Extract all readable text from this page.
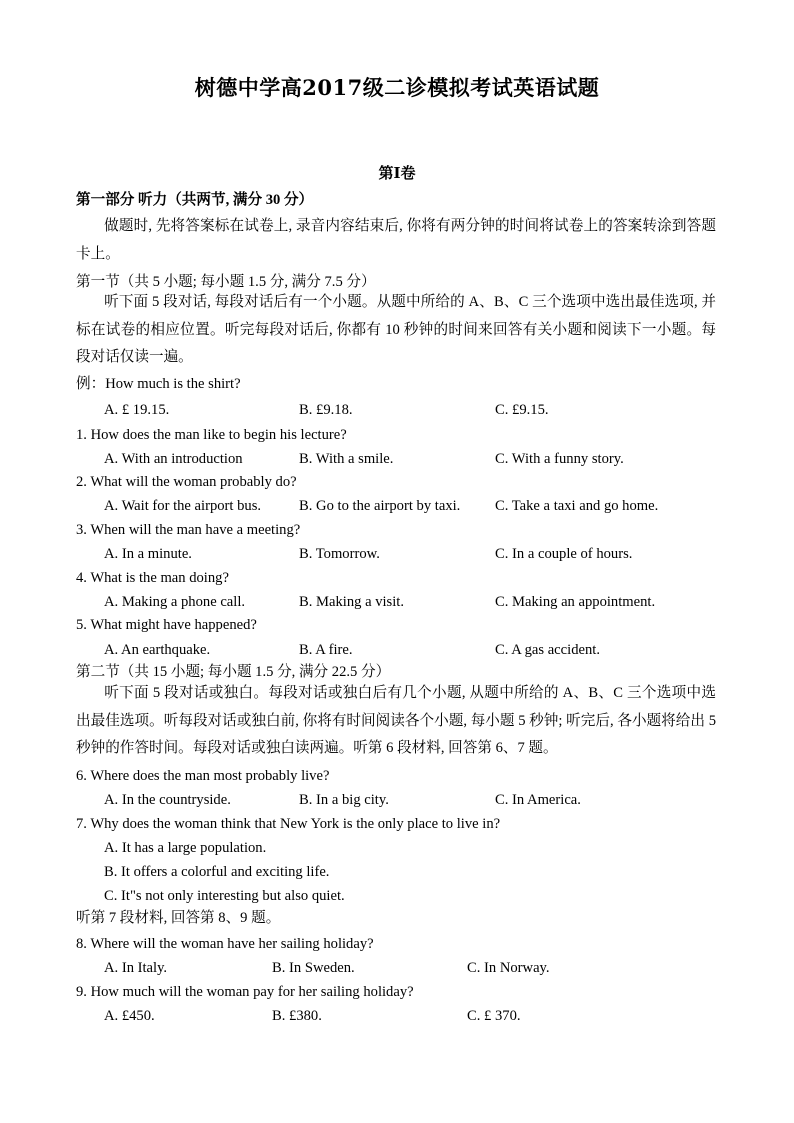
树德中学高2017级二诊模拟考试英语试题
第Ⅰ卷
第一部分 听力（共两节, 满分 30 分）
做题时, 先将答案标在试卷上, 录音内容结束后, 你将有两分钟的时间将试卷上的答案转涂到答题卡上。
第一节（共 5 小题; 每小题 1.5 分, 满分 7.5 分）
听下面 5 段对话, 每段对话后有一个小题。从题中所给的 A、B、C 三个选项中选出最佳选项, 并标在试卷的相应位置。听完每段对话后, 你都有 10 秒钟的时间来回答有关小题和阅读下一小题。每段对话仅读一遍。
例：How much is the shirt?
A. £ 19.15.	B. £9.18.	C. £9.15.
1. How does the man like to begin his lecture?
A. With an introduction	B. With a smile.	C. With a funny story.
2. What will the woman probably do?
A. Wait for the airport bus.	B. Go to the airport by taxi. C. Take a taxi and go home.
3. When will the man have a meeting?
A. In a minute.	B. Tomorrow.	C. In a couple of hours.
4. What is the man doing?
A. Making a phone call.	B. Making a visit.	C. Making an appointment.
5. What might have happened?
A. An earthquake.	B. A fire.	C. A gas accident.
第二节（共 15 小题; 每小题 1.5 分, 满分 22.5 分）
听下面 5 段对话或独白。每段对话或独白后有几个小题, 从题中所给的 A、B、C 三个选项中选出最佳选项。听每段对话或独白前, 你将有时间阅读各个小题, 每小题 5 秒钟; 听完后, 各小题将给出 5 秒钟的作答时间。每段对话或独白读两遍。听第 6 段材料, 回答第 6、7 题。
6. Where does the man most probably live?
A. In the countryside.	B. In a big city.	C. In America.
7. Why does the woman think that New York is the only place to live in?
A. It has a large population.
B. It offers a colorful and exciting life.
C. It"s not only interesting but also quiet.
听第 7 段材料, 回答第 8、9 题。
8. Where will the woman have her sailing holiday?
A. In Italy.	B. In Sweden.	C. In Norway.
9. How much will the woman pay for her sailing holiday?
A. £450.	B. £380.	C. £ 370.
